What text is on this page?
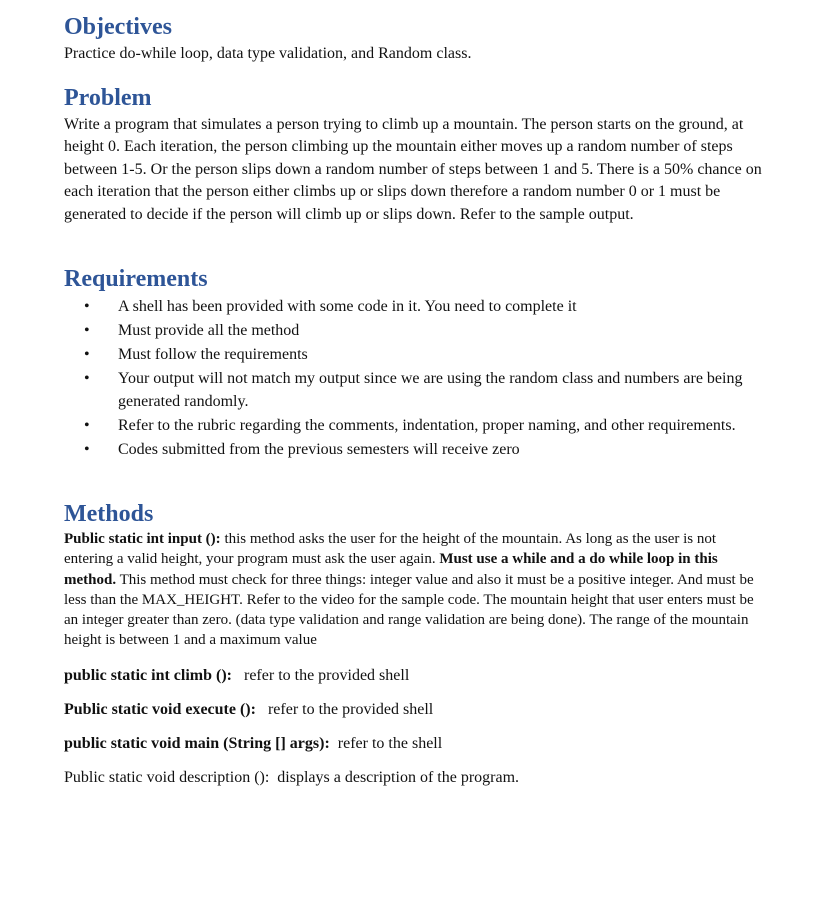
Objectives

Practice do-while loop, data type validation, and Random class.

Problem

Write a program that simulates a person trying to climb up a mountain. The person starts on the ground, at height 0. Each iteration, the person climbing up the mountain either moves up a random number of steps between 1-5. Or the person slips down a random number of steps between 1 and 5. There is a 50% chance on each iteration that the person either climbs up or slips down therefore a random number 0 or 1 must be generated to decide if the person will climb up or slips down. Refer to the sample output.

Requirements
• A shell has been provided with some code in it. You need to complete it
• Must provide all the method
• Must follow the requirements
• Your output will not match my output since we are using the random class and numbers are being generated randomly.
• Refer to the rubric regarding the comments, indentation, proper naming, and other requirements.
• Codes submitted from the previous semesters will receive zero
Methods

Public static int input (): this method asks the user for the height of the mountain. As long as the user is not entering a valid height, your program must ask the user again. Must use a while and a do while loop in this method. This method must check for three things: integer value and also it must be a positive integer. And must be less than the MAX_HEIGHT. Refer to the video for the sample code. The mountain height that user enters must be an integer greater than zero. (data type validation and range validation are being done). The range of the mountain height is between 1 and a maximum value

public static int climb ():   refer to the provided shell

Public static void execute ():   refer to the provided shell

public static void main (String [] args):  refer to the shell

Public static void description ():  displays a description of the program.
